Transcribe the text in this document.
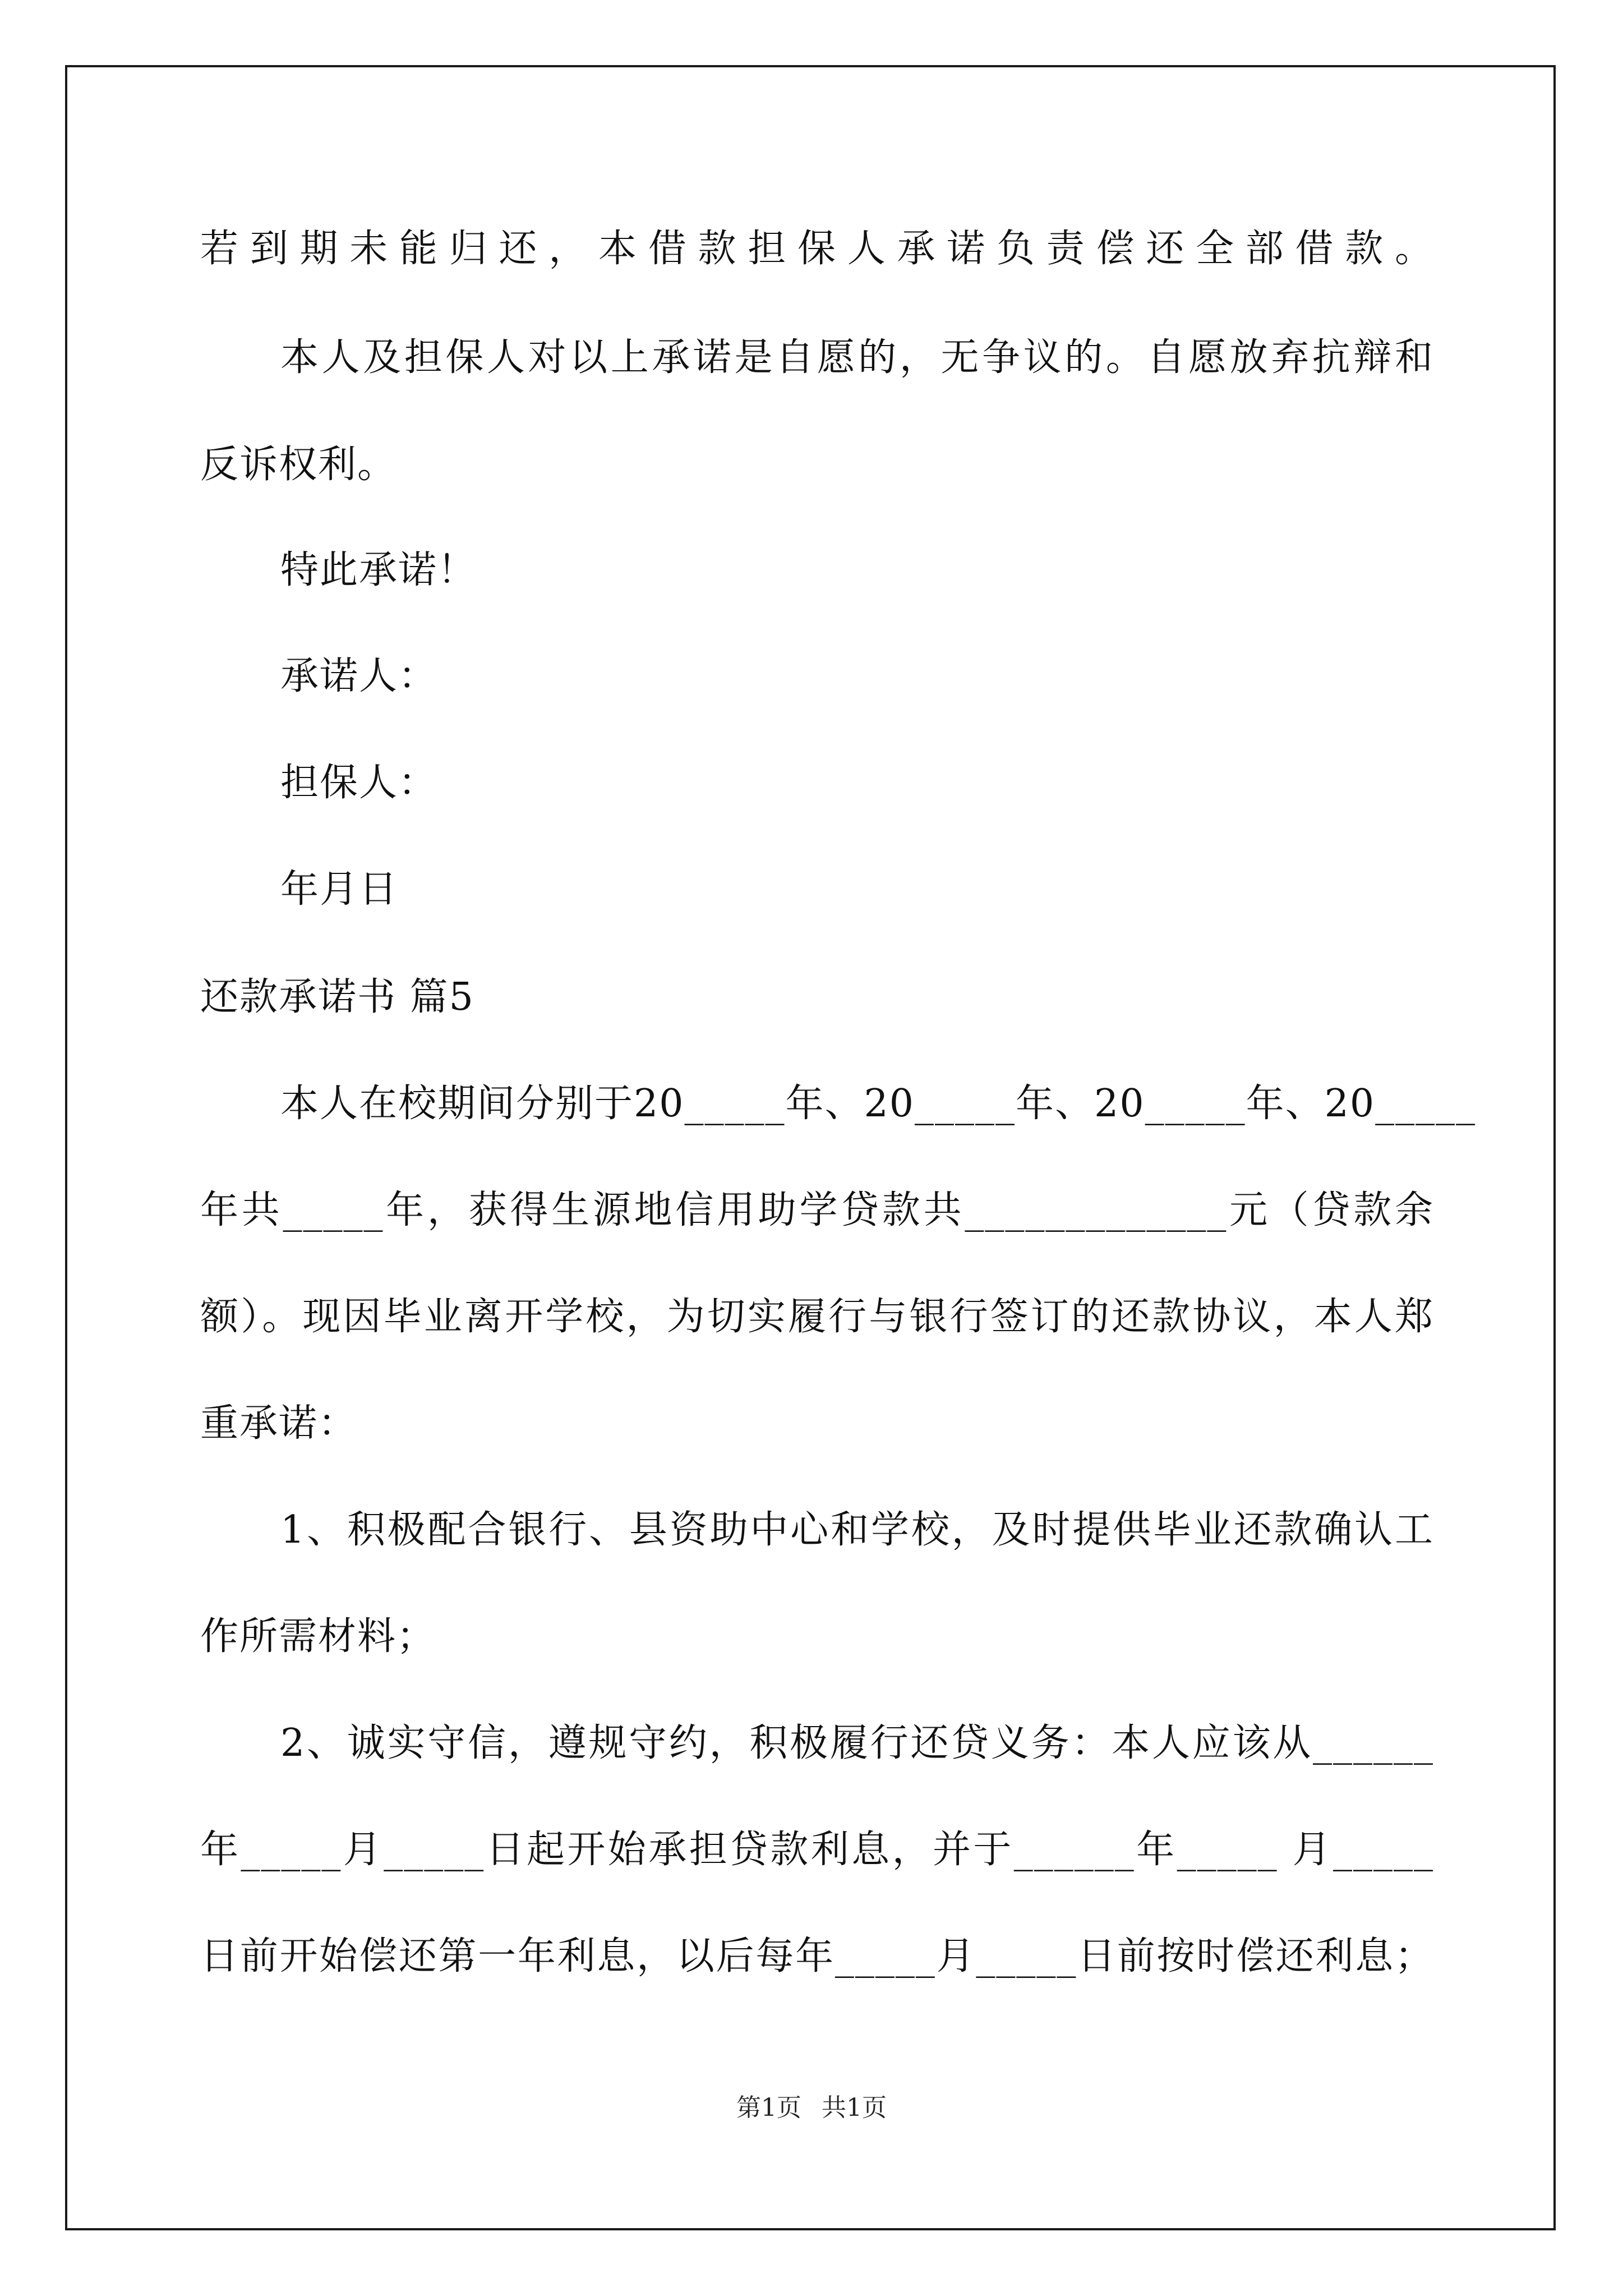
若到期未能归还，本借款担保人承诺负责偿还全部借款。
本人及担保人对以上承诺是自愿的，无争议的。自愿放弃抗辩和
反诉权利。
特此承诺！
承诺人：
担保人：
年月日
还款承诺书 篇5
本人在校期间分别于20_____年、20_____年、20_____年、20_____
年共_____年，获得生源地信用助学贷款共_____________元（贷款余
额）。现因毕业离开学校，为切实履行与银行签订的还款协议，本人郑
重承诺：
1、积极配合银行、县资助中心和学校，及时提供毕业还款确认工
作所需材料；
2、诚实守信，遵规守约，积极履行还贷义务：本人应该从______
年_____月_____日起开始承担贷款利息，并于______年_____ 月_____
日前开始偿还第一年利息，以后每年_____月_____日前按时偿还利息；
第1页 共1页
